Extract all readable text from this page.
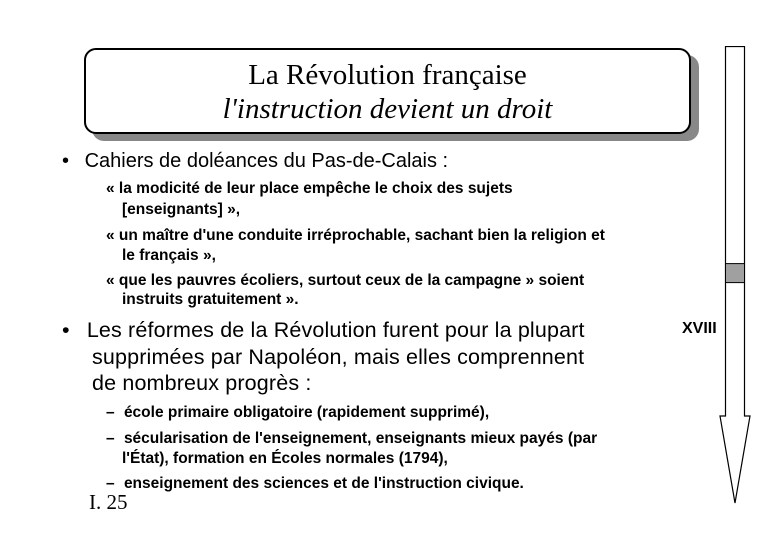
La Révolution française
l'instruction devient un droit
• Cahiers de doléances du Pas-de-Calais :
« la modicité de leur place empêche le choix des sujets
[enseignants] »,
« un maître d'une conduite irréprochable, sachant bien la religion et
le français »,
« que les pauvres écoliers, surtout ceux de la campagne » soient
instruits gratuitement ».
• Les réformes de la Révolution furent pour la plupart
supprimées par Napoléon, mais elles comprennent
de nombreux progrès :
– école primaire obligatoire (rapidement supprimé),
– sécularisation de l'enseignement, enseignants mieux payés (par
l'État), formation en Écoles normales (1794),
– enseignement des sciences et de l'instruction civique.
I. 25
XVIII
